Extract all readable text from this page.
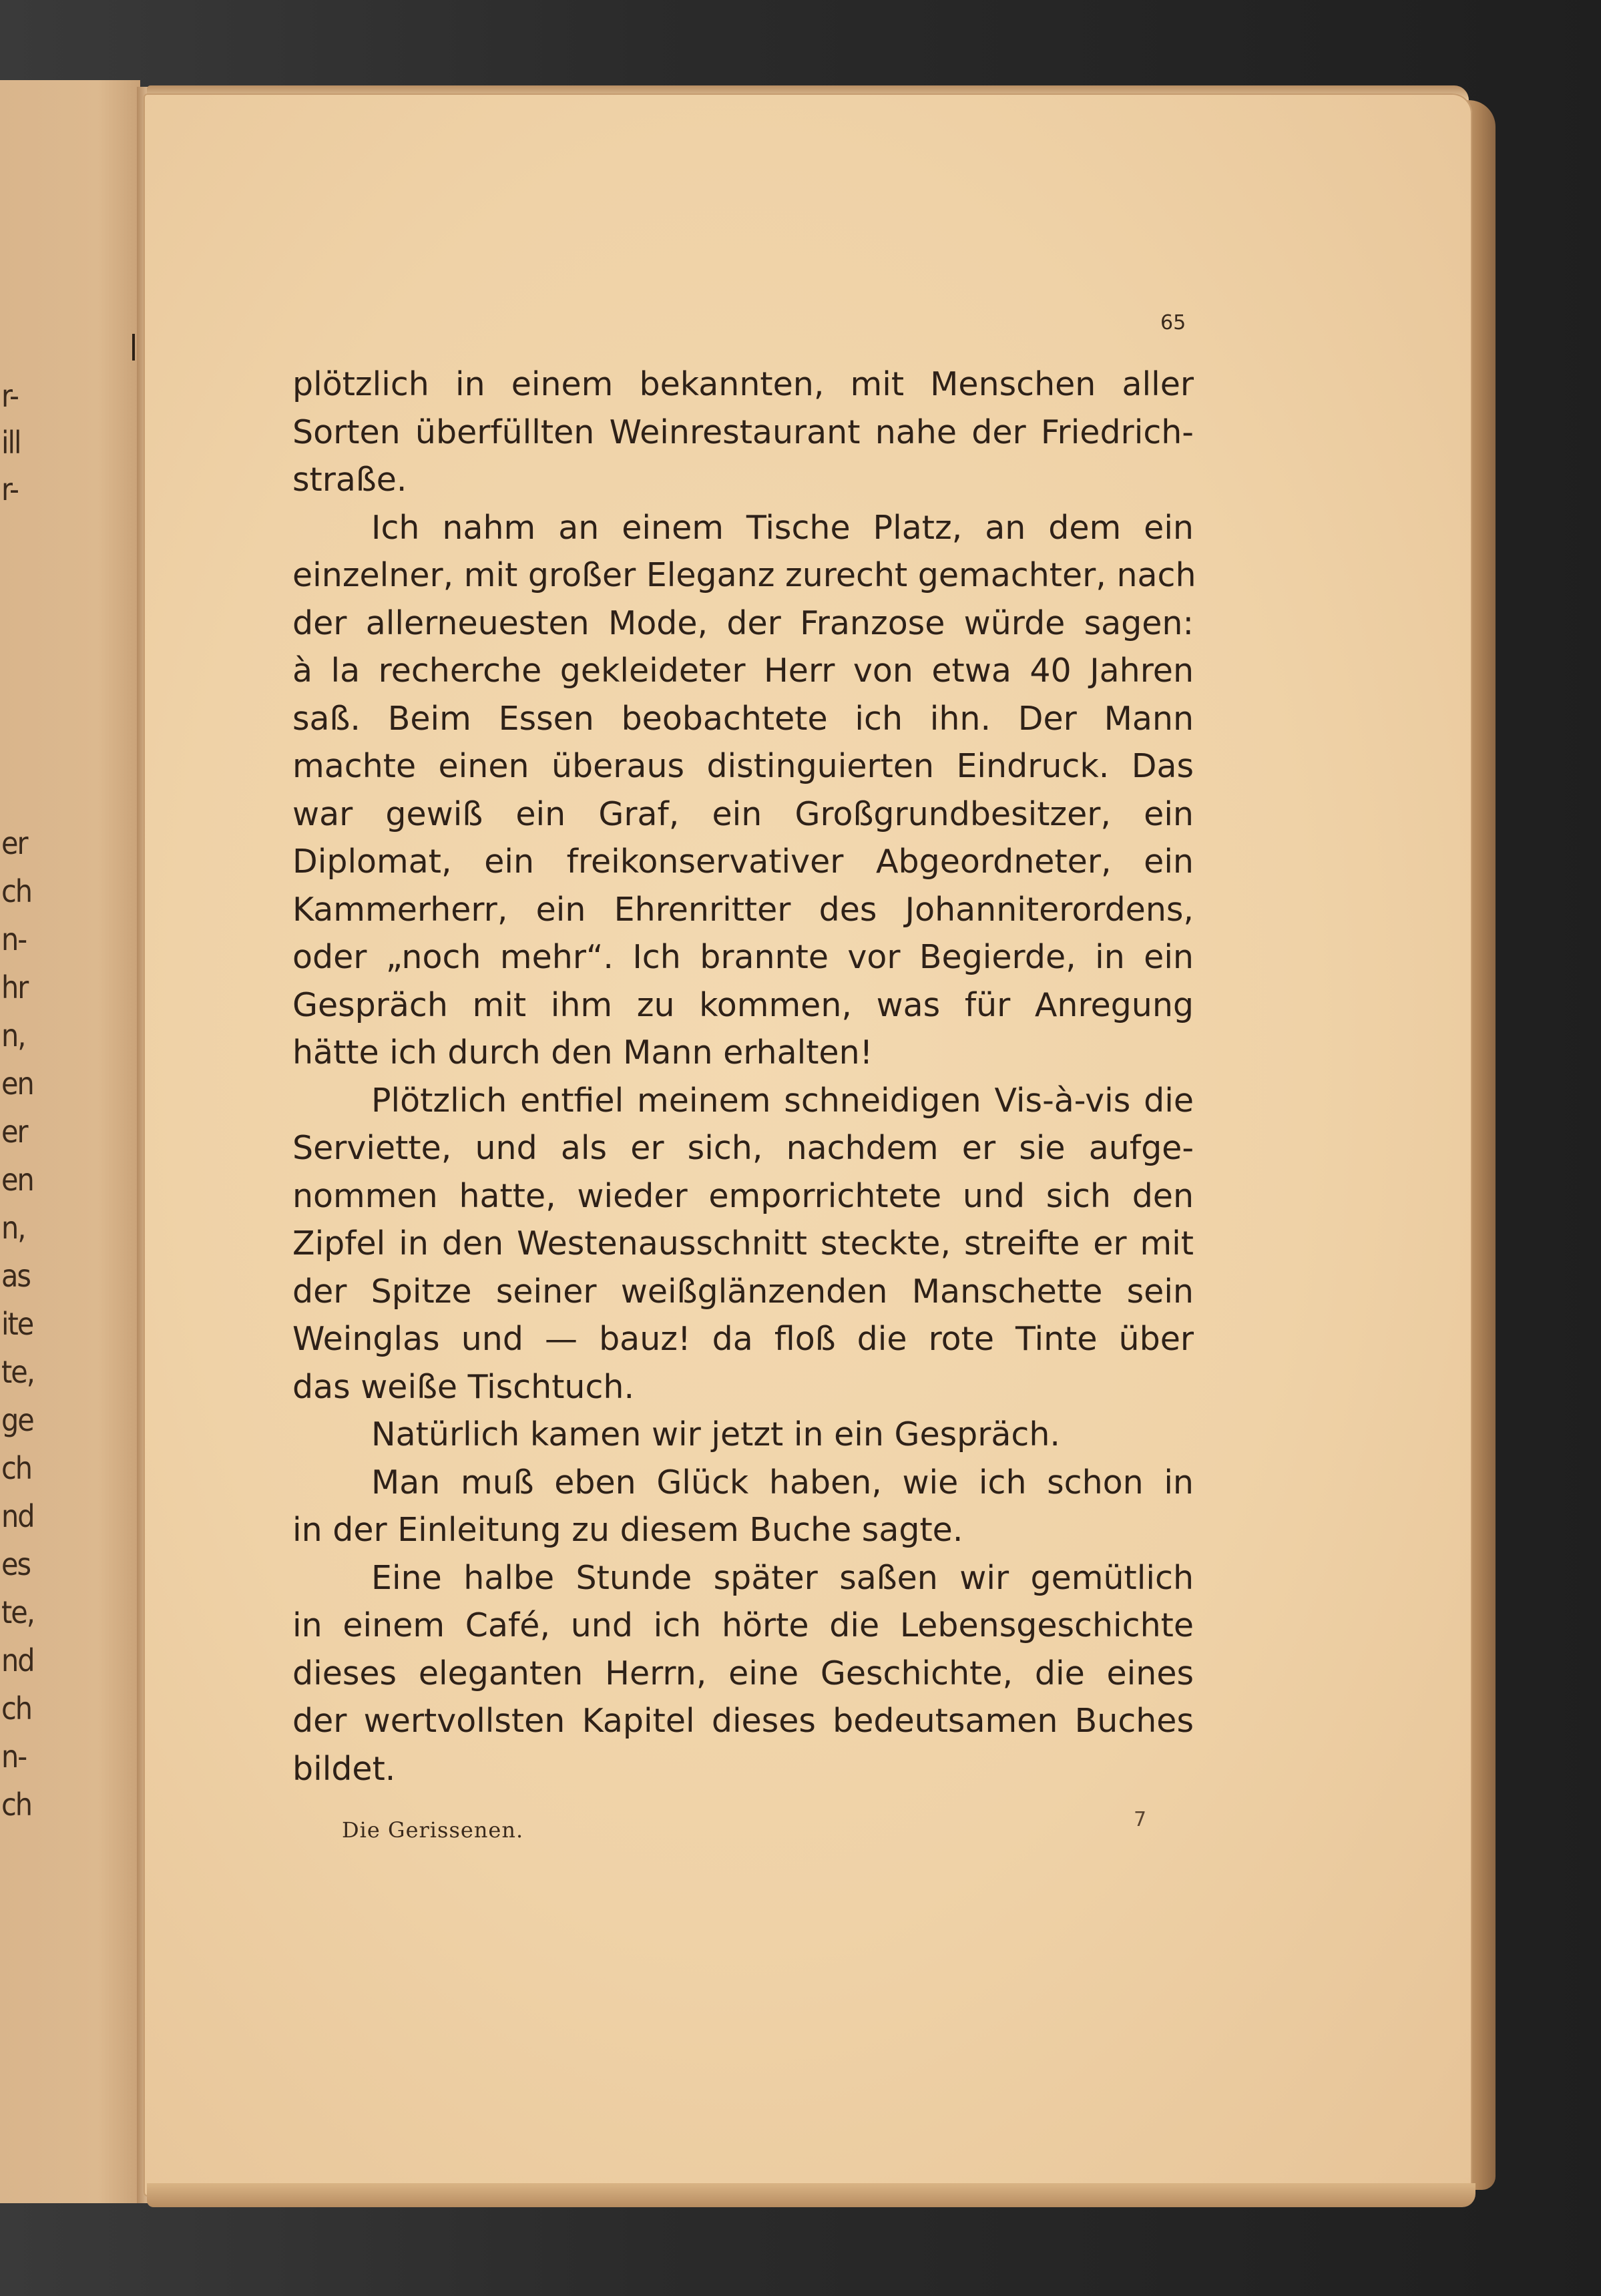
r-
ill
r-
er
ch
n-
hr
n,
en
er
en
n,
as
ite
te,
ge
ch
nd
es
te,
nd
ch
n-
ch
65
plötzlich in einem bekannten, mit Menschen aller
Sorten überfüllten Weinrestaurant nahe der Friedrich-
straße.
Ich nahm an einem Tische Platz, an dem ein
einzelner, mit großer Eleganz zurecht gemachter, nach
der allerneuesten Mode, der Franzose würde sagen:
à la recherche gekleideter Herr von etwa 40 Jahren
saß. Beim Essen beobachtete ich ihn. Der Mann
machte einen überaus distinguierten Eindruck. Das
war gewiß ein Graf, ein Großgrundbesitzer, ein
Diplomat, ein freikonservativer Abgeordneter, ein
Kammerherr, ein Ehrenritter des Johanniterordens,
oder „noch mehr“. Ich brannte vor Begierde, in ein
Gespräch mit ihm zu kommen, was für Anregung
hätte ich durch den Mann erhalten!
Plötzlich entfiel meinem schneidigen Vis-à-vis die
Serviette, und als er sich, nachdem er sie aufge-
nommen hatte, wieder emporrichtete und sich den
Zipfel in den Westenausschnitt steckte, streifte er mit
der Spitze seiner weißglänzenden Manschette sein
Weinglas und — bauz! da floß die rote Tinte über
das weiße Tischtuch.
Natürlich kamen wir jetzt in ein Gespräch.
Man muß eben Glück haben, wie ich schon in
in der Einleitung zu diesem Buche sagte.
Eine halbe Stunde später saßen wir gemütlich
in einem Café, und ich hörte die Lebensgeschichte
dieses eleganten Herrn, eine Geschichte, die eines
der wertvollsten Kapitel dieses bedeutsamen Buches
bildet.
Die Gerissenen.	7
